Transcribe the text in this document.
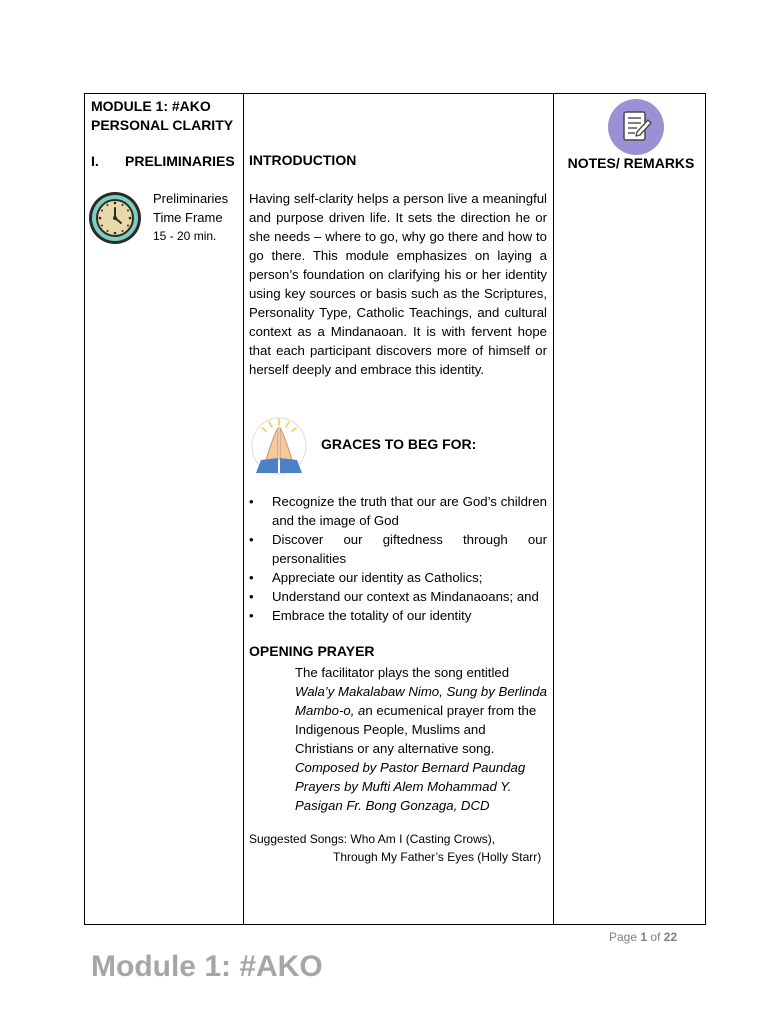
MODULE 1: #AKO PERSONAL CLARITY
I. PRELIMINARIES
Preliminaries
Time Frame
15 - 20 min.
INTRODUCTION
Having self-clarity helps a person live a meaningful and purpose driven life. It sets the direction he or she needs – where to go, why go there and how to go there. This module emphasizes on laying a person’s foundation on clarifying his or her identity using key sources or basis such as the Scriptures, Personality Type, Catholic Teachings, and cultural context as a Mindanaoan. It is with fervent hope that each participant discovers more of himself or herself deeply and embrace this identity.
GRACES TO BEG FOR:
• Recognize the truth that our are God’s children and the image of God
• Discover our giftedness through our personalities
• Appreciate our identity as Catholics;
• Understand our context as Mindanaoans; and
• Embrace the totality of our identity
OPENING PRAYER
The facilitator plays the song entitled Wala’y Makalabaw Nimo, Sung by Berlinda Mambo-o, an ecumenical prayer from the Indigenous People, Muslims and Christians or any alternative song. Composed by Pastor Bernard Paundag Prayers by Mufti Alem Mohammad Y. Pasigan Fr. Bong Gonzaga, DCD
Suggested Songs: Who Am I (Casting Crows),
Through My Father’s Eyes (Holly Starr)
NOTES/ REMARKS
Page 1 of 22
Module 1: #AKO
